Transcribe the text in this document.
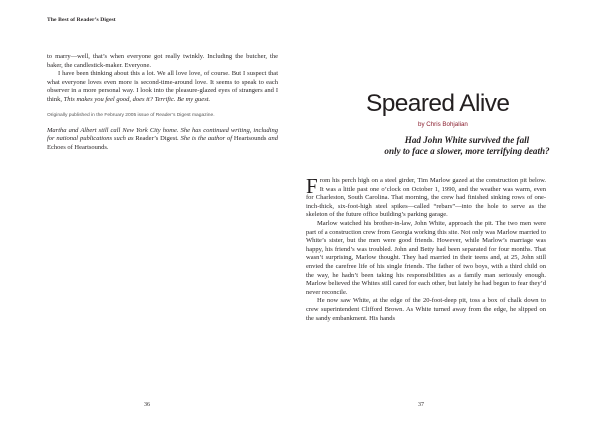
The Best of Reader’s Digest

to marry—well, that’s when everyone got really twinkly. Including the butcher, the baker, the candlestick-maker. Everyone.

I have been thinking about this a lot. We all love love, of course. But I suspect that what everyone loves even more is second-time-around love. It seems to speak to each observer in a more personal way. I look into the pleasure-glazed eyes of strangers and I think, This makes you feel good, does it? Terrific. Be my guest.

Originally published in the February 2005 issue of Reader’s Digest magazine.

Martha and Albert still call New York City home. She has continued writing, including for national publications such as Reader’s Digest. She is the author of Heartsounds and Echoes of Heartsounds.

36
Speared Alive
by Chris Bohjalian
Had John White survived the fall
only to face a slower, more terrifying death?

From his perch high on a steel girder, Tim Marlow gazed at the construction pit below. It was a little past one o’clock on October 1, 1990, and the weather was warm, even for Charleston, South Carolina. That morning, the crew had finished sinking rows of one-inch-thick, six-foot-high steel spikes—called “rebars”—into the hole to serve as the skeleton of the future office building’s parking garage.

Marlow watched his brother-in-law, John White, approach the pit. The two men were part of a construction crew from Georgia working this site. Not only was Marlow married to White’s sister, but the men were good friends. However, while Marlow’s marriage was happy, his friend’s was troubled. John and Betty had been separated for four months. That wasn’t surprising, Marlow thought. They had married in their teens and, at 25, John still envied the carefree life of his single friends. The father of two boys, with a third child on the way, he hadn’t been taking his responsibilities as a family man seriously enough. Marlow believed the Whites still cared for each other, but lately he had begun to fear they’d never reconcile.

He now saw White, at the edge of the 20-foot-deep pit, toss a box of chalk down to crew superintendent Clifford Brown. As White turned away from the edge, he slipped on the sandy embankment. His hands

37
